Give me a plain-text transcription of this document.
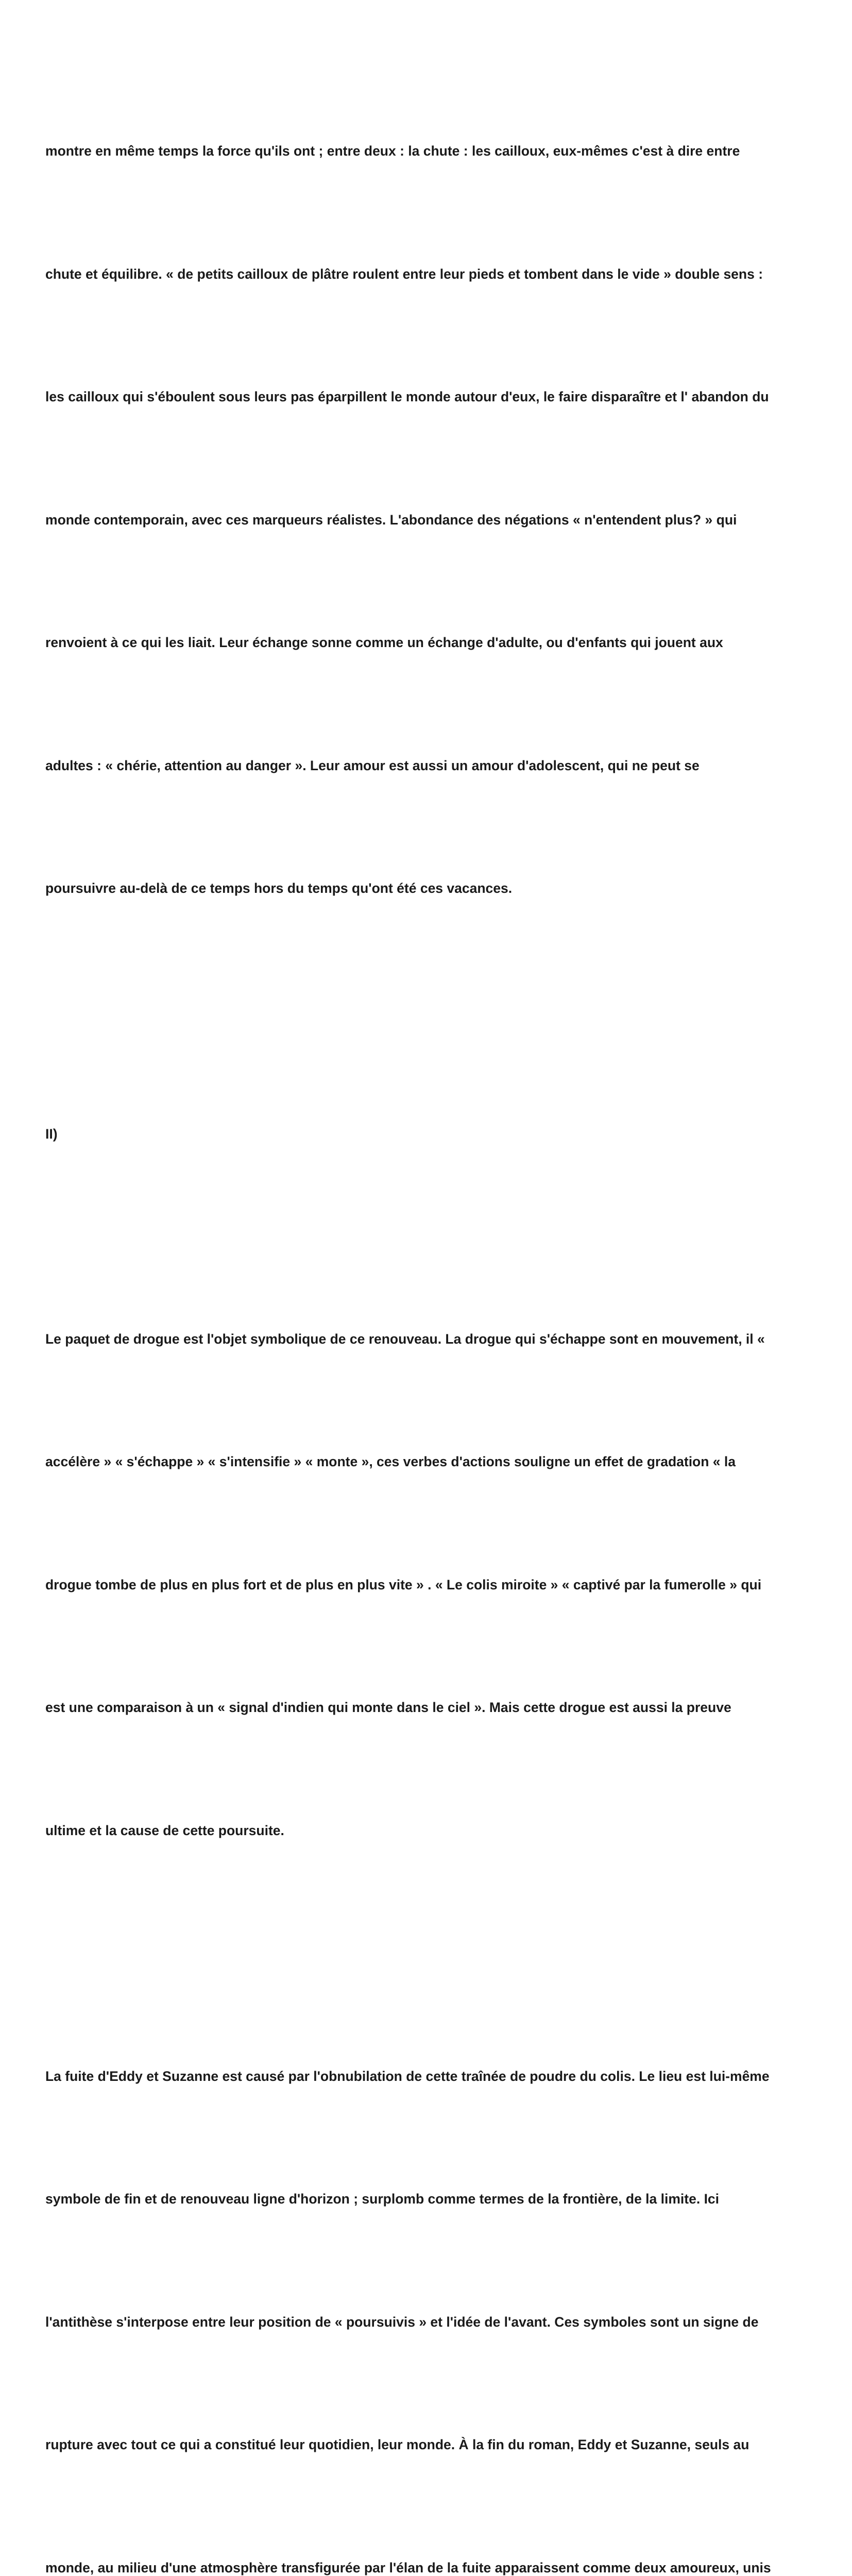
montre en même temps la force qu'ils ont ; entre deux : la chute : les cailloux, eux-mêmes c'est à dire entre

chute et équilibre. « de petits cailloux de plâtre roulent entre leur pieds et tombent dans le vide » double sens :

les cailloux qui s'éboulent sous leurs pas éparpillent le monde autour d'eux, le faire disparaître et l' abandon du

monde contemporain, avec ces marqueurs réalistes. L'abondance des négations « n'entendent plus? » qui

renvoient à ce qui les liait. Leur échange sonne comme un échange d'adulte, ou d'enfants qui jouent aux

adultes : « chérie, attention au danger ». Leur amour est aussi un amour d'adolescent, qui ne peut se

poursuivre au-delà de ce temps hors du temps qu'ont été ces vacances.

II)

Le paquet de drogue est l'objet symbolique de ce renouveau. La drogue qui s'échappe sont en mouvement, il «

accélère » « s'échappe » « s'intensifie » « monte », ces verbes d'actions souligne un effet de gradation « la

drogue tombe de plus en plus fort et de plus en plus vite » . « Le colis miroite » « captivé par la fumerolle » qui

est une comparaison à un « signal d'indien qui monte dans le ciel ». Mais cette drogue est aussi la preuve

ultime et la cause de cette poursuite.

La fuite d'Eddy et Suzanne est causé par l'obnubilation de cette traînée de poudre du colis. Le lieu est lui-même

symbole de fin et de renouveau ligne d'horizon ; surplomb comme termes de la frontière, de la limite. Ici

l'antithèse s'interpose entre leur position de « poursuivis » et l'idée de l'avant. Ces symboles sont un signe de

rupture avec tout ce qui a constitué leur quotidien, leur monde. À la fin du roman, Eddy et Suzanne, seuls au

monde, au milieu d'une atmosphère transfigurée par l'élan de la fuite apparaissent comme deux amoureux, unis
